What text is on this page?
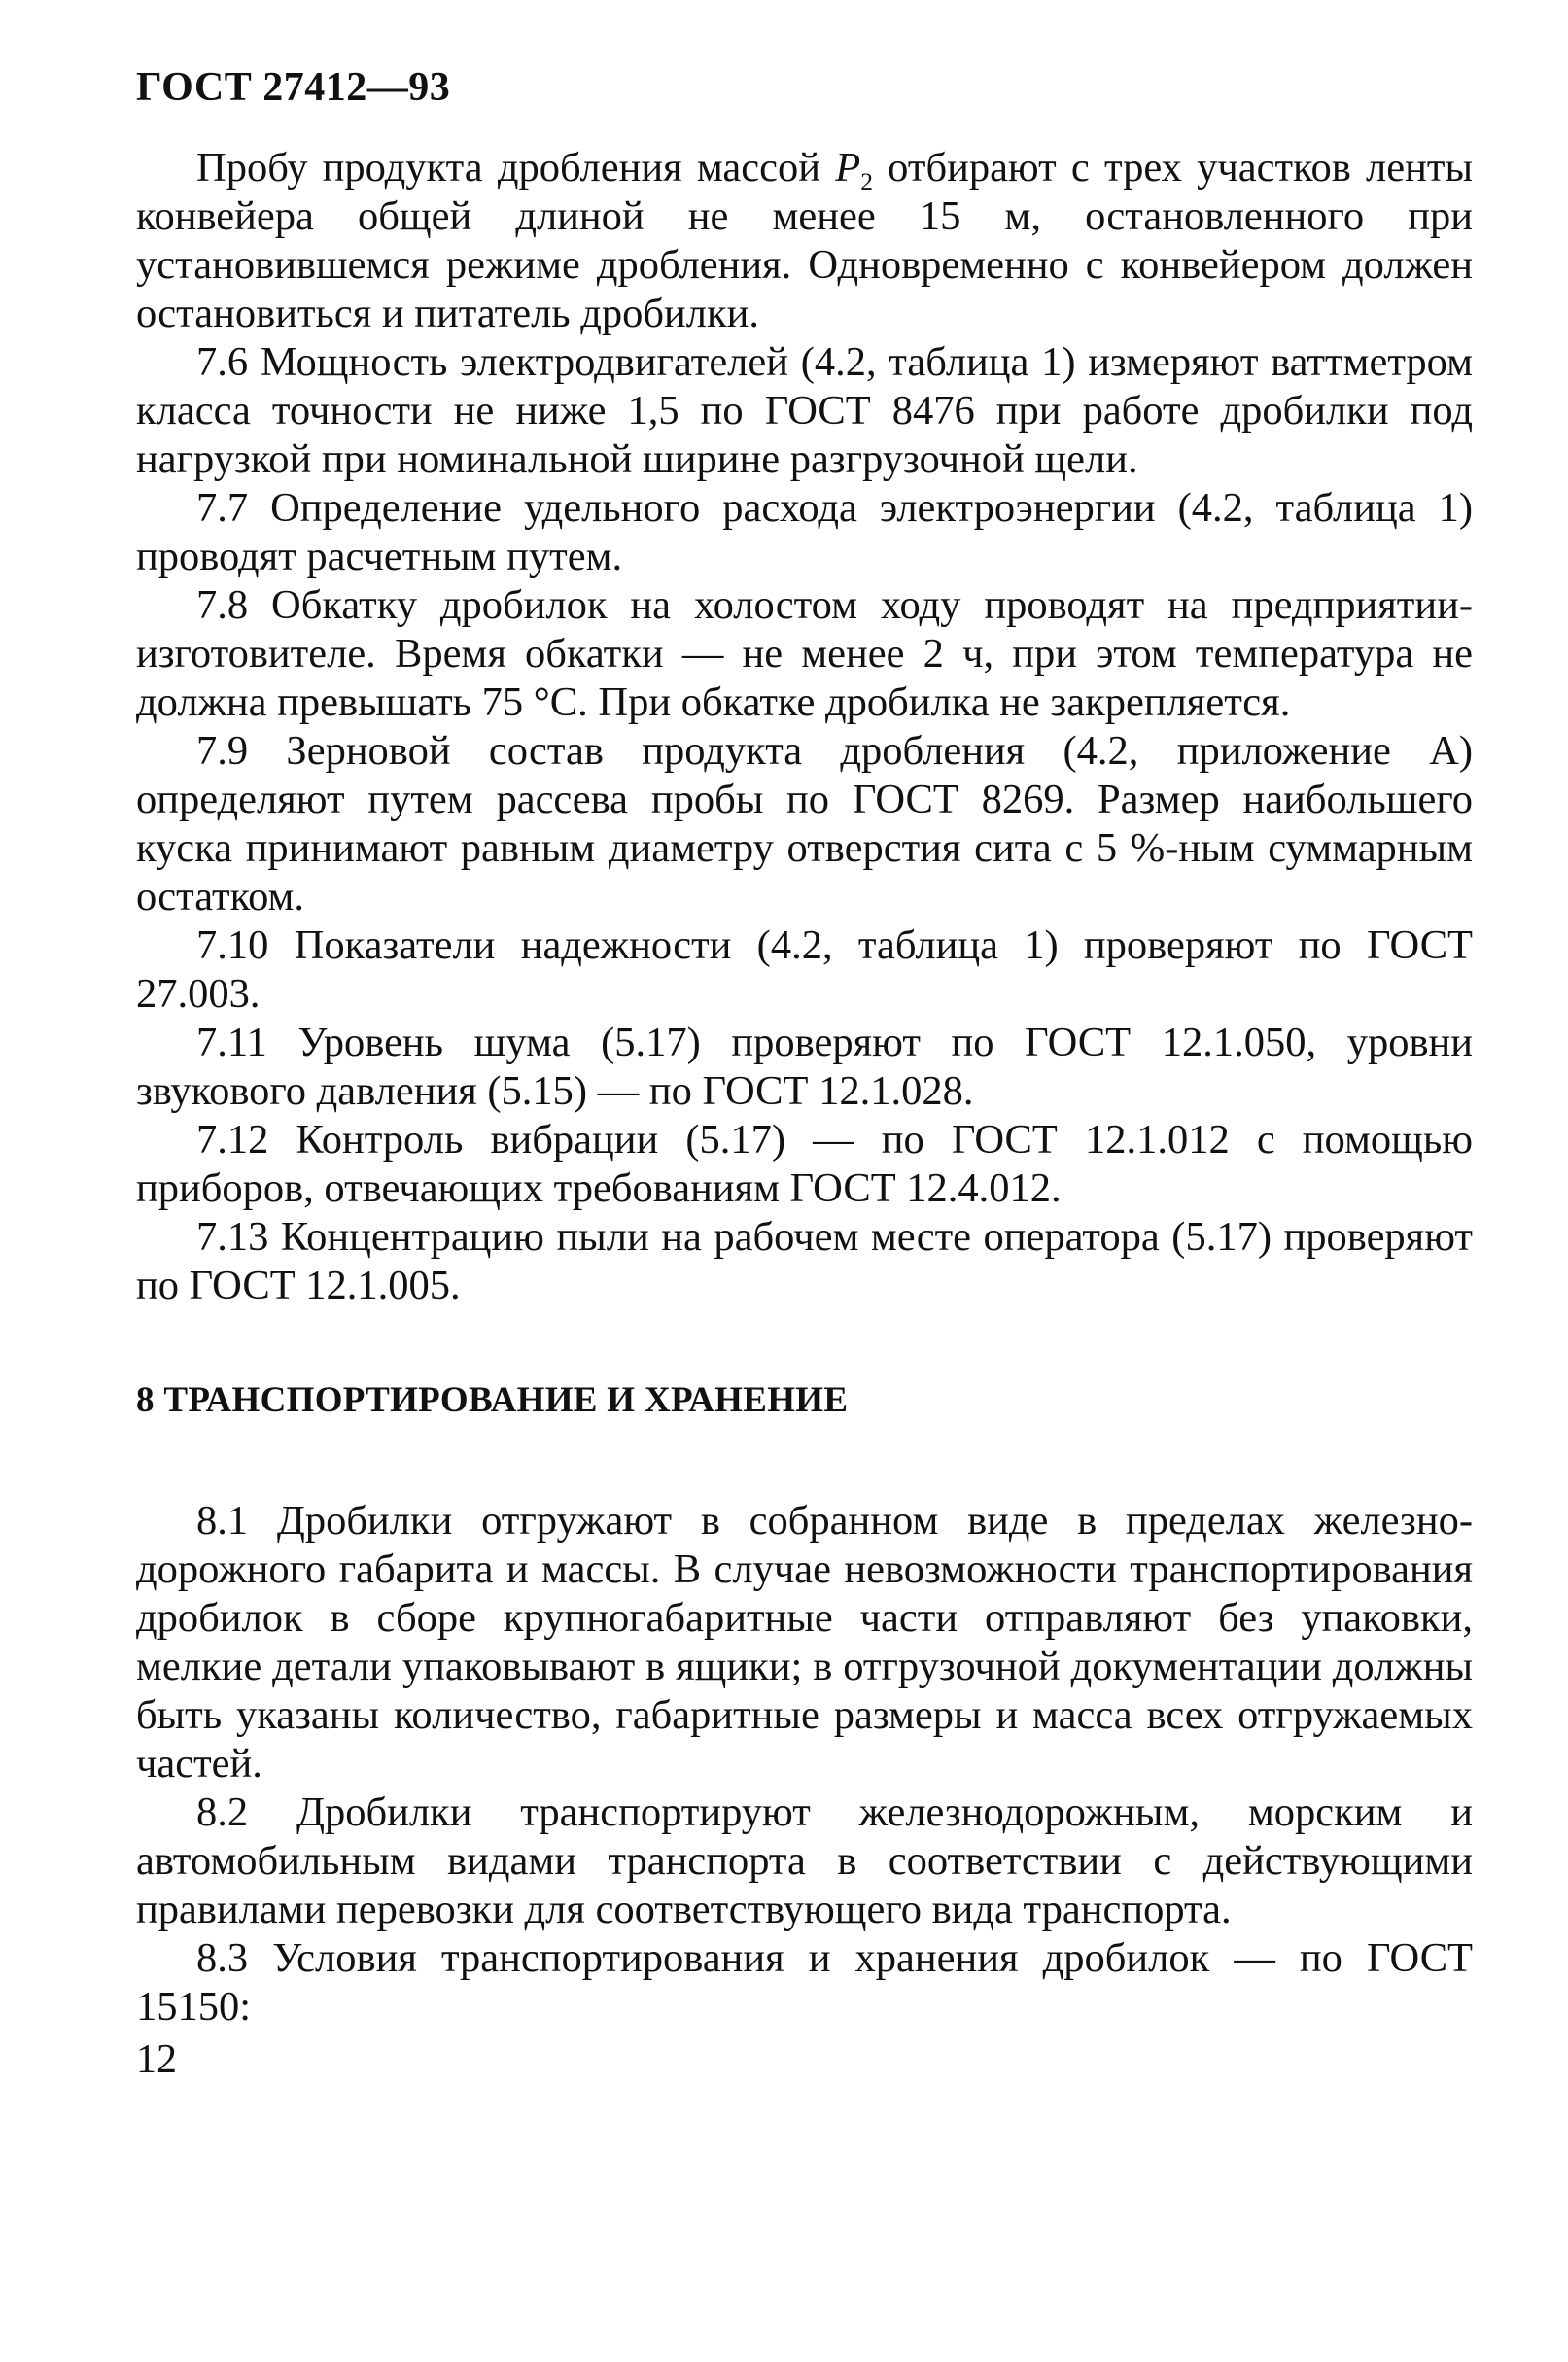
ГОСТ 27412—93

Пробу продукта дробления массой $P_2$ отбирают с трех участков ленты конвейера общей длиной не менее 15 м, остановленного при установившемся режиме дробления. Одновременно с конвейером должен остановиться и питатель дробилки.

7.6 Мощность электродвигателей (4.2, таблица 1) измеряют ваттметром класса точности не ниже 1,5 по ГОСТ 8476 при работе дробилки под нагрузкой при номинальной ширине разгрузочной щели.

7.7 Определение удельного расхода электроэнергии (4.2, таблица 1) проводят расчетным путем.

7.8 Обкатку дробилок на холостом ходу проводят на предприятии-изготовителе. Время обкатки — не менее 2 ч, при этом температура не должна превышать 75 °С. При обкатке дробилка не закрепляется.

7.9 Зерновой состав продукта дробления (4.2, приложение А) определяют путем рассева пробы по ГОСТ 8269. Размер наибольшего куска принимают равным диаметру отверстия сита с 5 %-ным суммарным остатком.

7.10 Показатели надежности (4.2, таблица 1) проверяют по ГОСТ 27.003.

7.11 Уровень шума (5.17) проверяют по ГОСТ 12.1.050, уровни звукового давления (5.15) — по ГОСТ 12.1.028.

7.12 Контроль вибрации (5.17) — по ГОСТ 12.1.012 с помощью приборов, отвечающих требованиям ГОСТ 12.4.012.

7.13 Концентрацию пыли на рабочем месте оператора (5.17) проверяют по ГОСТ 12.1.005.

8 ТРАНСПОРТИРОВАНИЕ И ХРАНЕНИЕ

8.1 Дробилки отгружают в собранном виде в пределах железнодорожного габарита и массы. В случае невозможности транспортирования дробилок в сборе крупногабаритные части отправляют без упаковки, мелкие детали упаковывают в ящики; в отгрузочной документации должны быть указаны количество, габаритные размеры и масса всех отгружаемых частей.

8.2 Дробилки транспортируют железнодорожным, морским и автомобильным видами транспорта в соответствии с действующими правилами перевозки для соответствующего вида транспорта.

8.3 Условия транспортирования и хранения дробилок — по ГОСТ 15150:

12
